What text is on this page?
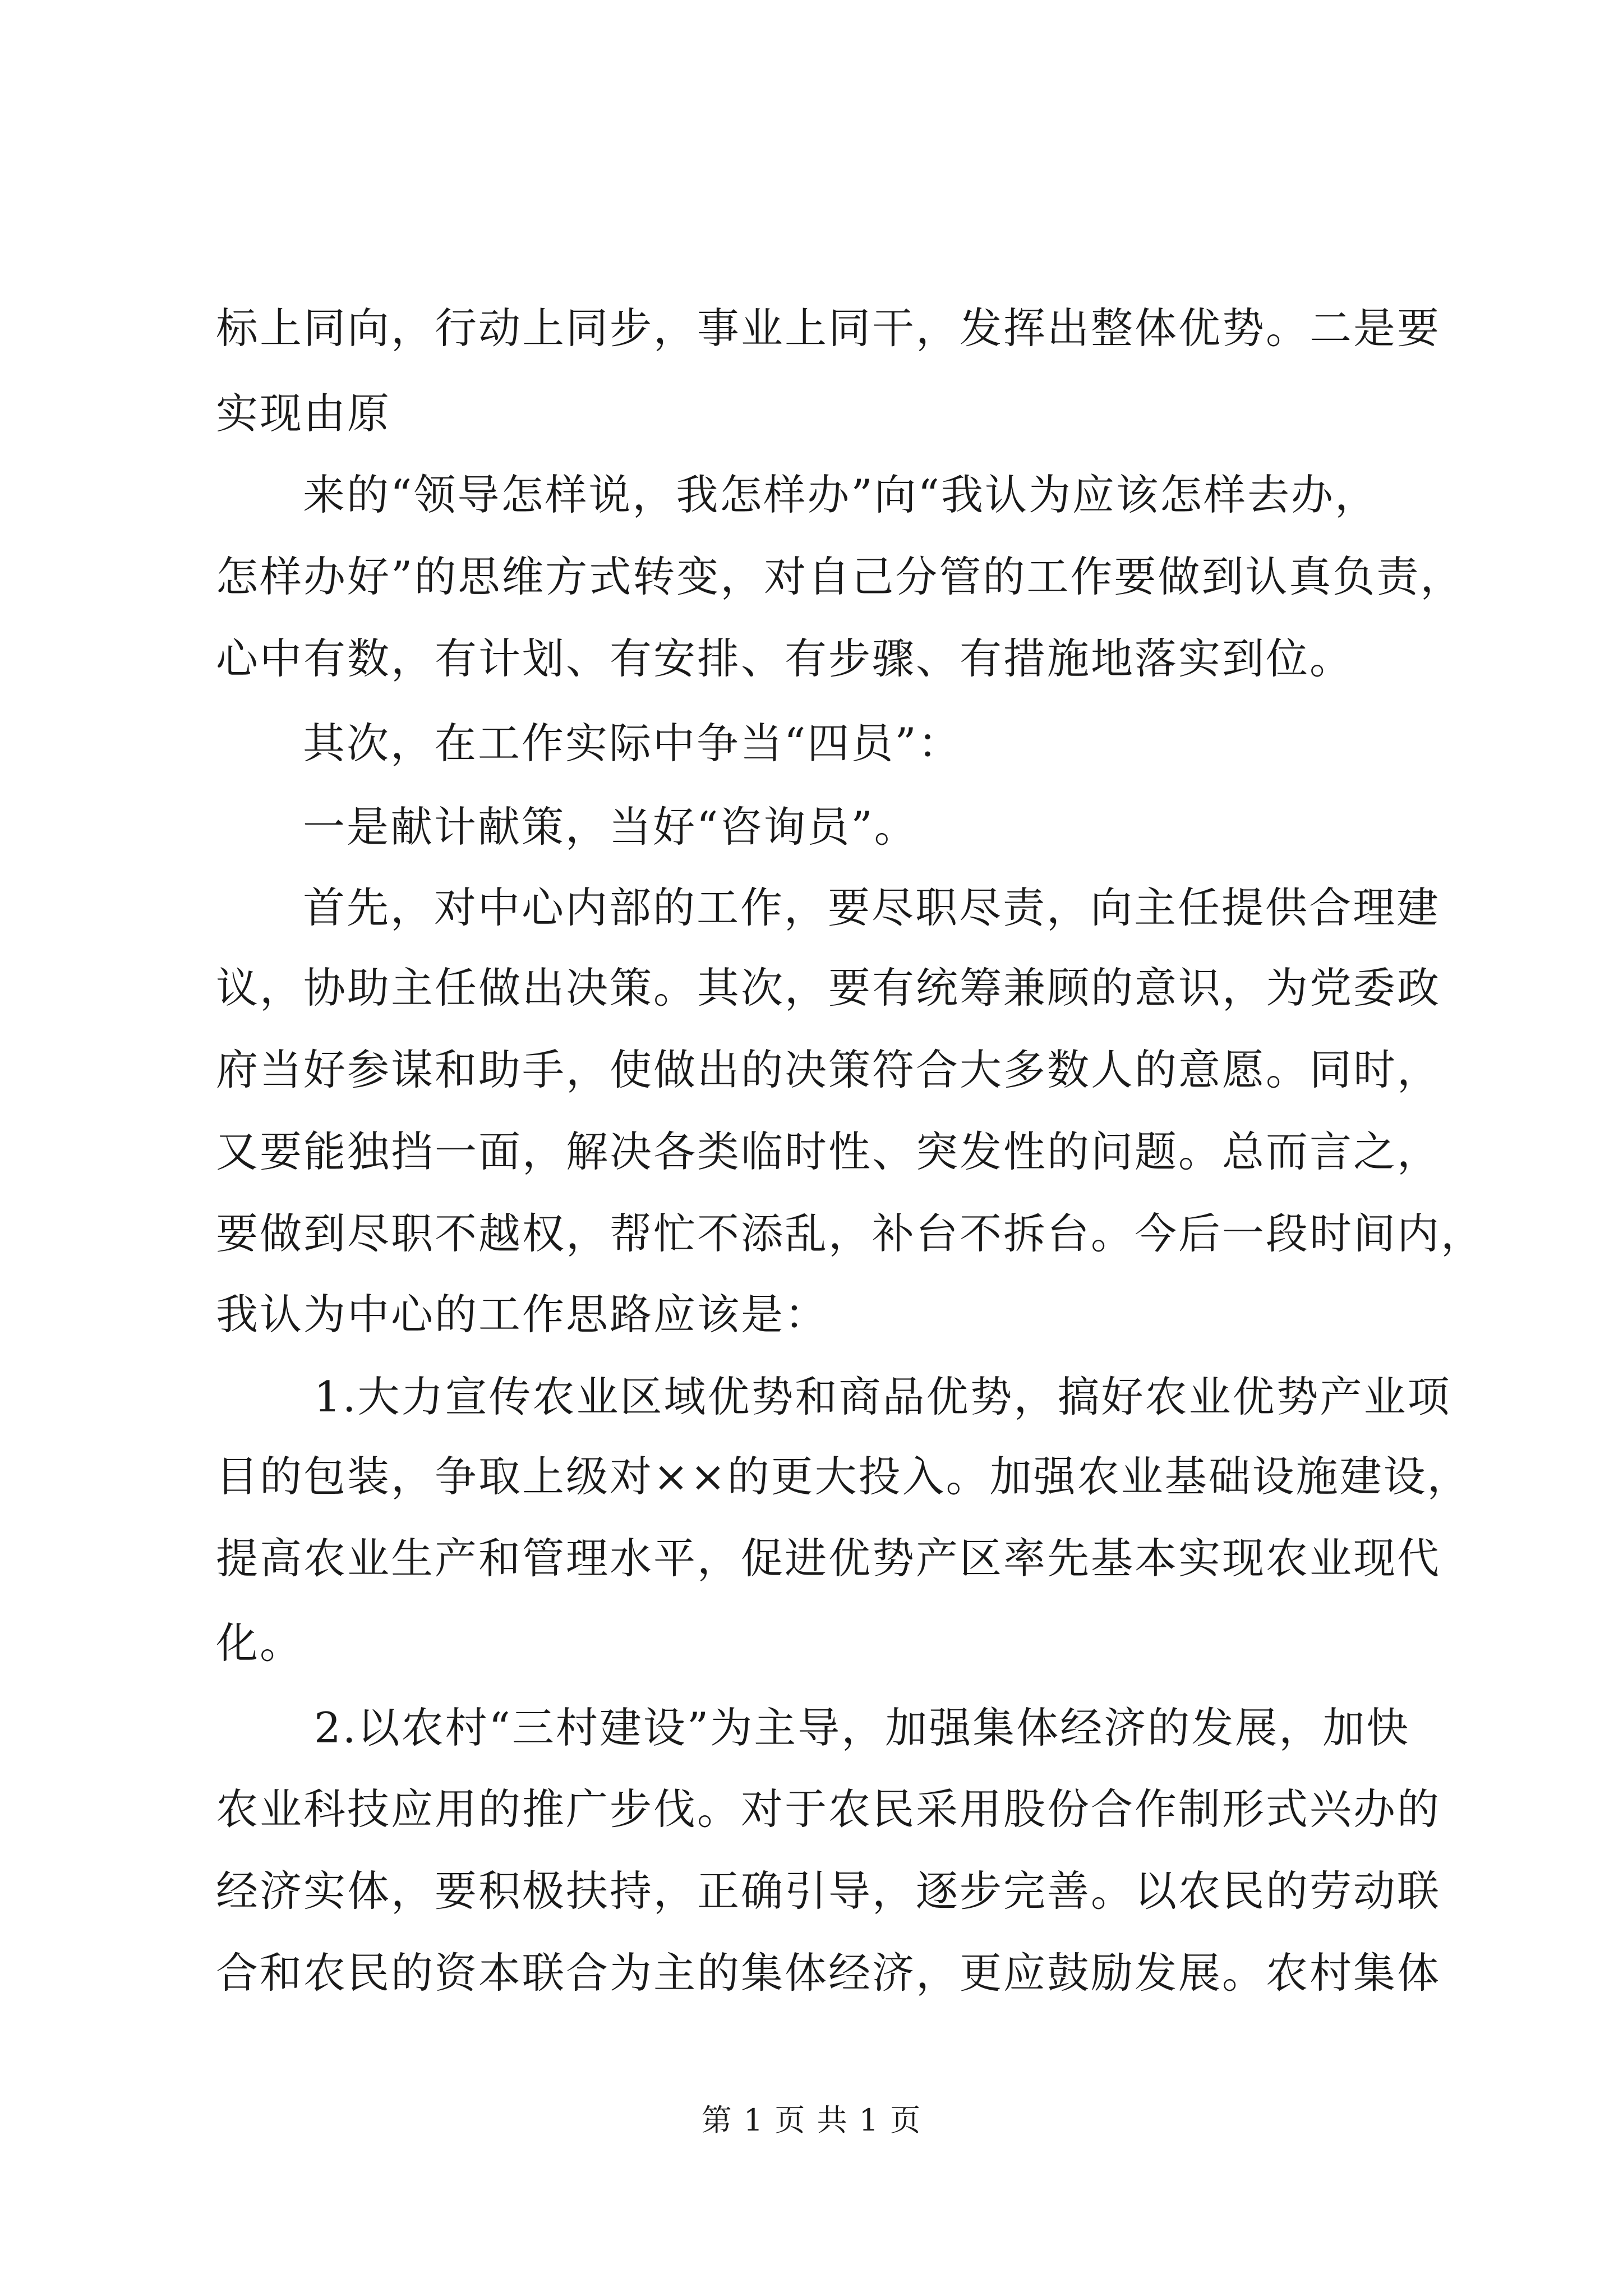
标上同向，行动上同步，事业上同干，发挥出整体优势。二是要
实现由原
来的“领导怎样说，我怎样办”向“我认为应该怎样去办，
怎样办好”的思维方式转变，对自己分管的工作要做到认真负责，
心中有数，有计划、有安排、有步骤、有措施地落实到位。
其次，在工作实际中争当“四员”：
一是献计献策，当好“咨询员”。
首先，对中心内部的工作，要尽职尽责，向主任提供合理建
议，协助主任做出决策。其次，要有统筹兼顾的意识，为党委政
府当好参谋和助手，使做出的决策符合大多数人的意愿。同时，
又要能独挡一面，解决各类临时性、突发性的问题。总而言之，
要做到尽职不越权，帮忙不添乱，补台不拆台。今后一段时间内，
我认为中心的工作思路应该是：
1.大力宣传农业区域优势和商品优势，搞好农业优势产业项
目的包装，争取上级对××的更大投入。加强农业基础设施建设，
提高农业生产和管理水平，促进优势产区率先基本实现农业现代
化。
2.以农村“三村建设”为主导，加强集体经济的发展，加快
农业科技应用的推广步伐。对于农民采用股份合作制形式兴办的
经济实体，要积极扶持，正确引导，逐步完善。以农民的劳动联
合和农民的资本联合为主的集体经济，更应鼓励发展。农村集体
第 1 页 共 1 页
